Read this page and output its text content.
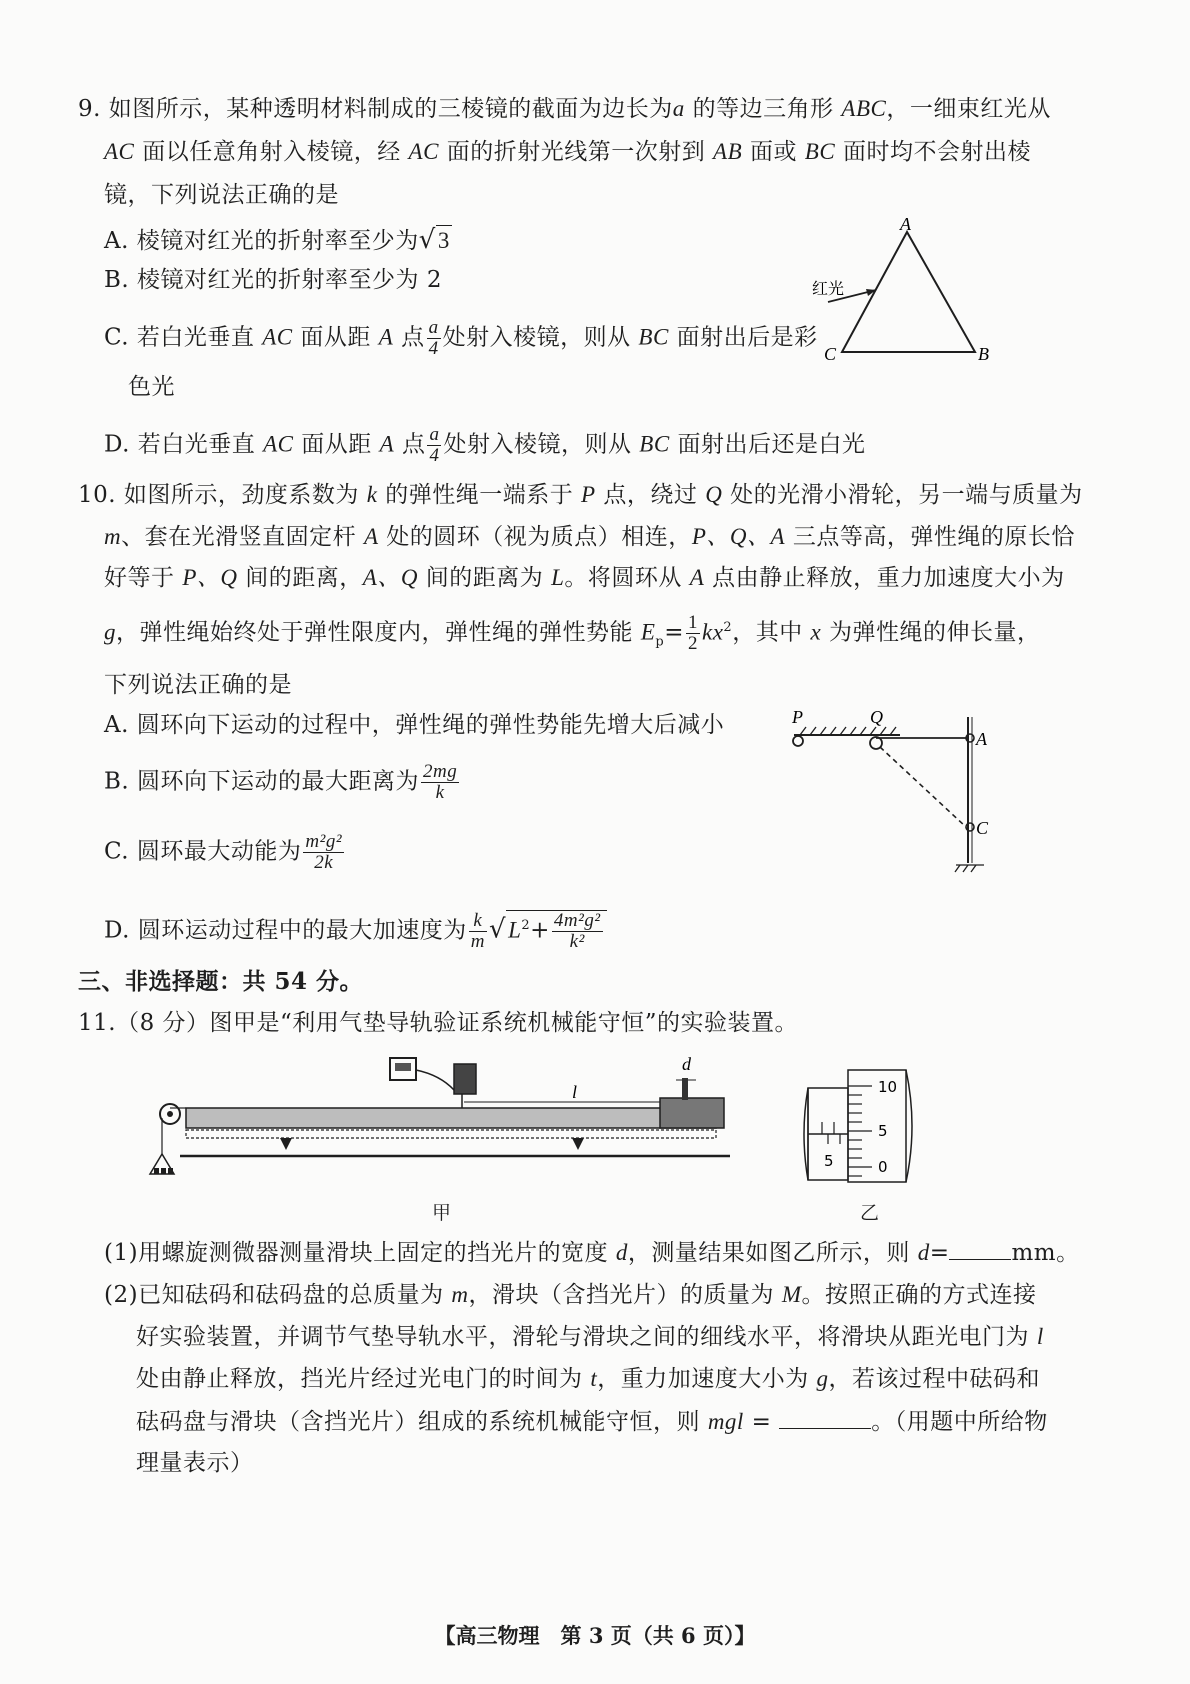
9. 如图所示，某种透明材料制成的三棱镜的截面为边长为a 的等边三角形 ABC，一细束红光从
AC 面以任意角射入棱镜，经 AC 面的折射光线第一次射到 AB 面或 BC 面时均不会射出棱
镜，下列说法正确的是
A. 棱镜对红光的折射率至少为√3
B. 棱镜对红光的折射率至少为 2
C. 若白光垂直 AC 面从距 A 点 $\frac{a}{4}$ 处射入棱镜，则从 BC 面射出后是彩
色光
D. 若白光垂直 AC 面从距 A 点 $\frac{a}{4}$ 处射入棱镜，则从 BC 面射出后还是白光
A
B
C
红光
10. 如图所示，劲度系数为 k 的弹性绳一端系于 P 点，绕过 Q 处的光滑小滑轮，另一端与质量为
m、套在光滑竖直固定杆 A 处的圆环（视为质点）相连，P、Q、A 三点等高，弹性绳的原长恰
好等于 P、Q 间的距离，A、Q 间的距离为 L。将圆环从 A 点由静止释放，重力加速度大小为
g，弹性绳始终处于弹性限度内，弹性绳的弹性势能 $E_p= \frac{1}{2} kx^2$，其中 x 为弹性绳的伸长量，
下列说法正确的是
A. 圆环向下运动的过程中，弹性绳的弹性势能先增大后减小
B. 圆环向下运动的最大距离为 $\frac{2mg}{k}$
C. 圆环最大动能为 $\frac{\text{m²g²}}{2k}$
D. 圆环运动过程中的最大加速度为 $\frac{k}{m} √L^2+ \frac{\text{4m²g²}}{\text{k²}}$
P	Q
A
C
三、非选择题：共 54 分。
11.（8 分）图甲是“利用气垫导轨验证系统机械能守恒”的实验装置。
l
d
甲
5
10
5
0
乙
(1)用螺旋测微器测量滑块上固定的挡光片的宽度 d，测量结果如图乙所示，则 d=	mm。
(2)已知砝码和砝码盘的总质量为 m，滑块（含挡光片）的质量为 M。按照正确的方式连接
好实验装置，并调节气垫导轨水平，滑轮与滑块之间的细线水平，将滑块从距光电门为 l
处由静止释放，挡光片经过光电门的时间为 t，重力加速度大小为 g，若该过程中砝码和
砝码盘与滑块（含挡光片）组成的系统机械能守恒，则 mgl =	。（用题中所给物
理量表示）
【高三物理　第 3 页（共 6 页）】
